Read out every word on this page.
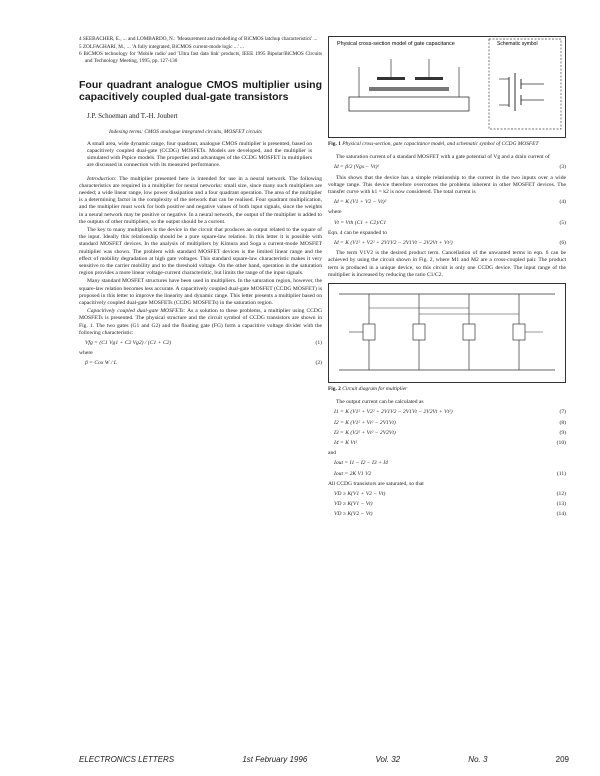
4 SEEBACHER, E., ... and LOMBARDO, N.: 'Measurement and modelling of BiCMOS latchup characteristics' ...

5 ZOLFAGHARI, M., ... 'A fully integrated, BiCMOS current-mode logic ...' ...

6 BiCMOS technology for 'Mobile radio' and 'Ultra fast data link' products, IEEE 1995 Bipolar/BiCMOS Circuits and Technology Meeting, 1995, pp. 127-130

Four quadrant analogue CMOS multiplier using capacitively coupled dual-gate transistors
J.P. Schoeman and T.-H. Joubert
Indexing terms: CMOS analogue integrated circuits, MOSFET circuits
A small area, wide dynamic range, four quadrant, analogue CMOS multiplier is presented, based on capacitively coupled dual-gate (CCDG) MOSFETs. Models are developed, and the multiplier is simulated with Pspice models. The properties and advantages of the CCDG MOSFET in multipliers are discussed in connection with its measured performance.

Introduction: The multiplier presented here is intended for use in a neural network. The following characteristics are required in a multiplier for neural networks: small size, since many such multipliers are needed; a wide linear range, low power dissipation and a four quadrant operation. The area of the multiplier is a determining factor in the complexity of the network that can be realised. Four quadrant multiplication, and the multiplier must work for both positive and negative values of both input signals, since the weights in a neural network may be positive or negative. In a neural network, the output of the multiplier is added to the outputs of other multipliers, so the output should be a current.

The key to many multipliers is the device in the circuit that produces an output related to the square of the input. Ideally this relationship should be a pure square-law relation. In this letter it is possible with standard MOSFET devices. In the analysis of multipliers by Kimura and Soga a current-mode MOSFET multiplier was shown. The problem with standard MOSFET devices is the limited linear range and the effect of mobility degradation at high gate voltages. This standard square-law characteristic makes it very sensitive to the carrier mobility and to the threshold voltage. On the other hand, operation in the saturation region provides a more linear voltage-current characteristic, but limits the range of the input signals.

Many standard MOSFET structures have been used in multipliers. In the saturation region, however, the square-law relation becomes less accurate. A capacitively coupled dual-gate MOSFET (CCDG MOSFET) is proposed in this letter to improve the linearity and dynamic range. This letter presents a multiplier based on capacitively coupled dual-gate MOSFETs (CCDG MOSFETs) in the saturation region.

Capacitively coupled dual-gate MOSFETs: As a solution to these problems, a multiplier using CCDG MOSFETs is presented. The physical structure and the circuit symbol of CCDG transistors are shown in Fig. 1. The two gates (G1 and G2) and the floating gate (FG) form a capacitive voltage divider with the following characteristic:

Vfg = (C1 Vg1 + C2 Vg2) / (C1 + C2)	(1)

where

β = Cox W / L	(2)
Physical cross-section model of gate capacitance	Schematic symbol
Fig. 1 Physical cross-section, gate capacitance model, and schematic symbol of CCDG MOSFET

The saturation current of a standard MOSFET with a gate potential of Vg and a drain current of

Id = β/2 (Vgs − Vt)²	(3)

This shows that the device has a simple relationship to the current in the two inputs over a wide voltage range. This device therefore overcomes the problems inherent in other MOSFET devices. The transfer curve with k1 = k2 is now considered. The total current is

Id = K (V1 + V2 − Vt)²	(4)

where

Vt = Vth (C1 + C2)/C1	(5)

Eqn. 4 can be expanded to

Id = K (V1² + V2² + 2V1V2 − 2V1Vt − 2V2Vt + Vt²)	(6)

The term V1V2 is the desired product term. Cancellation of the unwanted terms in eqn. 6 can be achieved by using the circuit shown in Fig. 2, where M1 and M2 are a cross-coupled pair. The product term is produced in a unique device, so this circuit is only one CCDG device. The input range of the multiplier is increased by reducing the ratio C1/C2.

Fig. 2 Circuit diagram for multiplier

The output current can be calculated as

I1 = K (V1² + V2² + 2V1V2 − 2V1Vt − 2V2Vt + Vt²)	(7)
I2 = K (V1² + Vt² − 2V1Vt)	(8)
I3 = K (V2² + Vt² − 2V2Vt)	(9)
I4 = K Vt²	(10)

and

Iout = I1 − I2 − I3 + I4
Iout = 2K V1 V2	(11)

All CCDG transistors are saturated, so that

VD ≥ K(V1 + V2 − Vt)	(12)
VD ≥ K(V1 − Vt)	(13)
VD ≥ K(V2 − Vt)	(14)
ELECTRONICS LETTERS	1st February 1996	Vol. 32	No. 3	209
